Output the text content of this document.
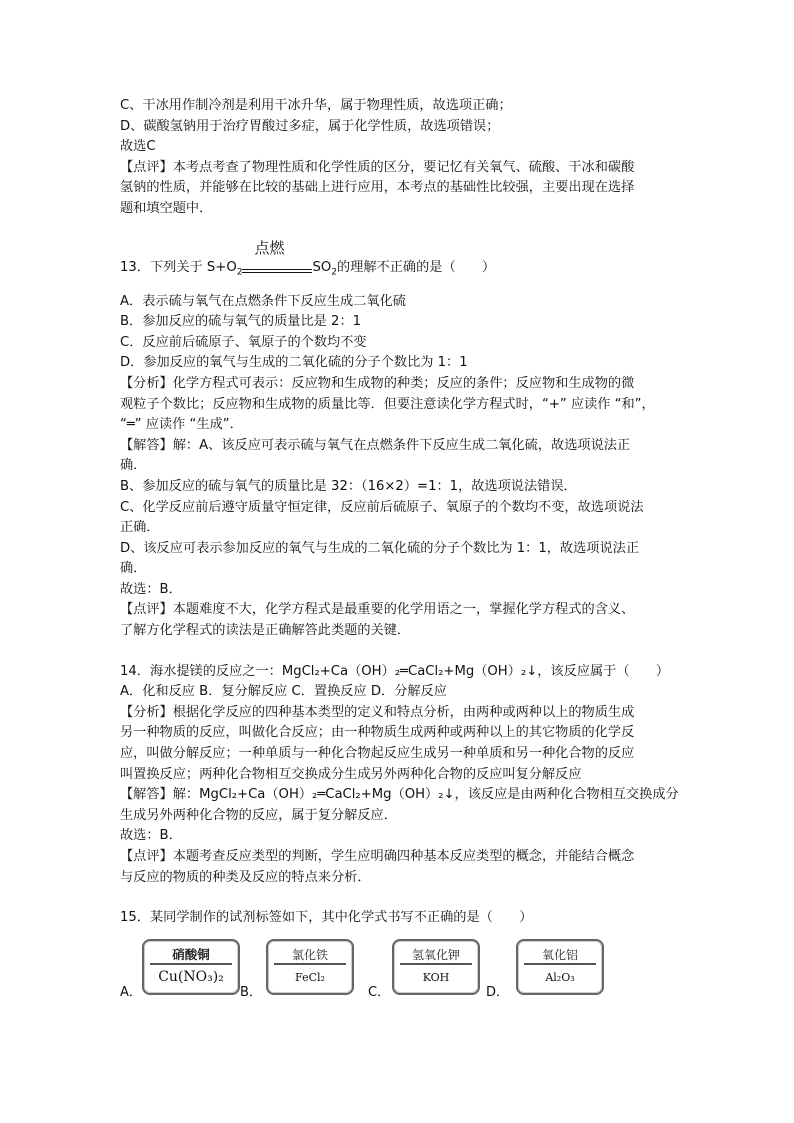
C、干冰用作制冷剂是利用干冰升华，属于物理性质，故选项正确；
D、碳酸氢钠用于治疗胃酸过多症，属于化学性质，故选项错误；
故选C
【点评】本考点考查了物理性质和化学性质的区分，要记忆有关氧气、硫酸、干冰和碳酸
氢钠的性质，并能够在比较的基础上进行应用，本考点的基础性比较强，主要出现在选择
题和填空题中．
13．下列关于 $S+O_2$
点燃
$SO_2$的理解不正确的是（　　）
A．表示硫与氧气在点燃条件下反应生成二氧化硫
B．参加反应的硫与氧气的质量比是 2：1
C．反应前后硫原子、氧原子的个数均不变
D．参加反应的氧气与生成的二氧化硫的分子个数比为 1：1
【分析】化学方程式可表示：反应物和生成物的种类；反应的条件；反应物和生成物的微
观粒子个数比；反应物和生成物的质量比等．但要注意读化学方程式时，“+” 应读作 “和”，
“═” 应读作 “生成”．
【解答】解：A、该反应可表示硫与氧气在点燃条件下反应生成二氧化硫，故选项说法正
确．
B、参加反应的硫与氧气的质量比是 32：（16×2）=1：1，故选项说法错误．
C、化学反应前后遵守质量守恒定律，反应前后硫原子、氧原子的个数均不变，故选项说法
正确．
D、该反应可表示参加反应的氧气与生成的二氧化硫的分子个数比为 1：1，故选项说法正
确．
故选：B．
【点评】本题难度不大，化学方程式是最重要的化学用语之一，掌握化学方程式的含义、
了解方化学程式的读法是正确解答此类题的关键．
14．海水提镁的反应之一：MgCl₂+Ca（OH）₂═CaCl₂+Mg（OH）₂↓，该反应属于（　　）
A．化和反应 B．复分解反应 C．置换反应 D．分解反应
【分析】根据化学反应的四种基本类型的定义和特点分析，由两种或两种以上的物质生成
另一种物质的反应，叫做化合反应；由一种物质生成两种或两种以上的其它物质的化学反
应，叫做分解反应；一种单质与一种化合物起反应生成另一种单质和另一种化合物的反应
叫置换反应；两种化合物相互交换成分生成另外两种化合物的反应叫复分解反应
【解答】解：MgCl₂+Ca（OH）₂═CaCl₂+Mg（OH）₂↓，该反应是由两种化合物相互交换成分
生成另外两种化合物的反应，属于复分解反应．
故选：B．
【点评】本题考查反应类型的判断，学生应明确四种基本反应类型的概念，并能结合概念
与反应的物质的种类及反应的特点来分析．
15．某同学制作的试剂标签如下，其中化学式书写不正确的是（　　）
A．
硝酸铜
Cu(NO₃)₂
B．
氯化铁
FeCl₂
C．
氢氧化钾
KOH
D．
氧化铝
Al₂O₃
